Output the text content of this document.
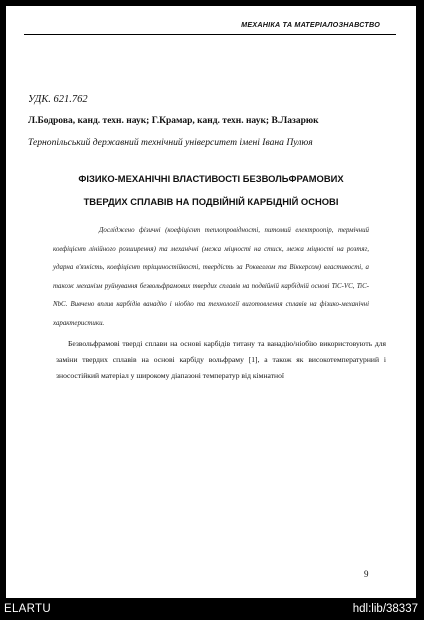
МЕХАНІКА ТА МАТЕРІАЛОЗНАВСТВО
УДК. 621.762
Л.Бодрова, канд. техн. наук; Г.Крамар, канд. техн. наук; В.Лазарюк
Тернопільський державний технічний університет імені Івана Пулюя
ФІЗИКО-МЕХАНІЧНІ ВЛАСТИВОСТІ БЕЗВОЛЬФРАМОВИХ
ТВЕРДИХ СПЛАВІВ НА ПОДВІЙНІЙ КАРБІДНІЙ ОСНОВІ
Досліджено фізичні (коефіцієнт теплопровідності, питомий електроопір, термічний коефіцієнт лінійного розширення) та механічні (межа міцності на стиск, межа міцності на розтяг, ударна в'язкість, коефіцієнт тріщиностійкості, твердість за Роквеллом та Віккерсом) властивості, а також механізм руйнування безвольфрамових твердих сплавів на подвійній карбідній основі TiC-VC, TiC-NbC. Вивчено вплив карбідів ванадію і ніобію та технології виготовлення сплавів на фізико-механічні характеристики.
Безвольфрамові тверді сплави на основі карбідів титану та ванадію/ніобію використовують для заміни твердих сплавів на основі карбіду вольфраму [1], а також як високотемпературний і зносостійкий матеріал у широкому діапазоні температур від кімнатної
9
ELARTU	hdl:lib/38337
